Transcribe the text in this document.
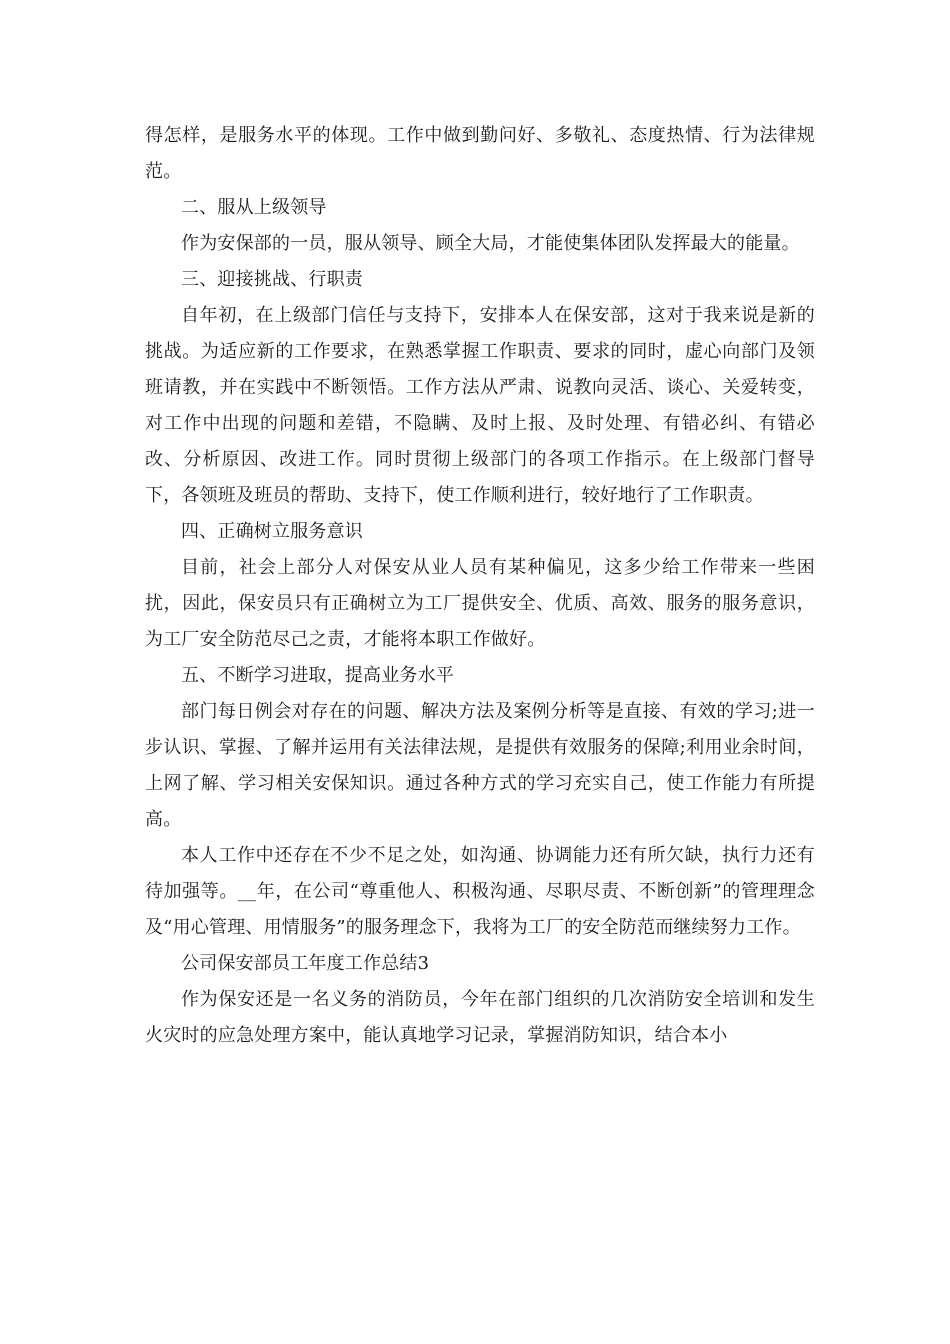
得怎样，是服务水平的体现。工作中做到勤问好、多敬礼、态度热情、行为法律规范。

二、服从上级领导

作为安保部的一员，服从领导、顾全大局，才能使集体团队发挥最大的能量。

三、迎接挑战、行职责

自年初，在上级部门信任与支持下，安排本人在保安部，这对于我来说是新的挑战。为适应新的工作要求，在熟悉掌握工作职责、要求的同时，虚心向部门及领班请教，并在实践中不断领悟。工作方法从严肃、说教向灵活、谈心、关爱转变，对工作中出现的问题和差错，不隐瞒、及时上报、及时处理、有错必纠、有错必改、分析原因、改进工作。同时贯彻上级部门的各项工作指示。在上级部门督导下，各领班及班员的帮助、支持下，使工作顺利进行，较好地行了工作职责。

四、正确树立服务意识

目前，社会上部分人对保安从业人员有某种偏见，这多少给工作带来一些困扰，因此，保安员只有正确树立为工厂提供安全、优质、高效、服务的服务意识，为工厂安全防范尽己之责，才能将本职工作做好。

五、不断学习进取，提高业务水平

部门每日例会对存在的问题、解决方法及案例分析等是直接、有效的学习;进一步认识、掌握、了解并运用有关法律法规，是提供有效服务的保障;利用业余时间，上网了解、学习相关安保知识。通过各种方式的学习充实自己，使工作能力有所提高。

本人工作中还存在不少不足之处，如沟通、协调能力还有所欠缺，执行力还有待加强等。__年，在公司“尊重他人、积极沟通、尽职尽责、不断创新”的管理理念及“用心管理、用情服务”的服务理念下，我将为工厂的安全防范而继续努力工作。

公司保安部员工年度工作总结3

作为保安还是一名义务的消防员，今年在部门组织的几次消防安全培训和发生火灾时的应急处理方案中，能认真地学习记录，掌握消防知识，结合本小
